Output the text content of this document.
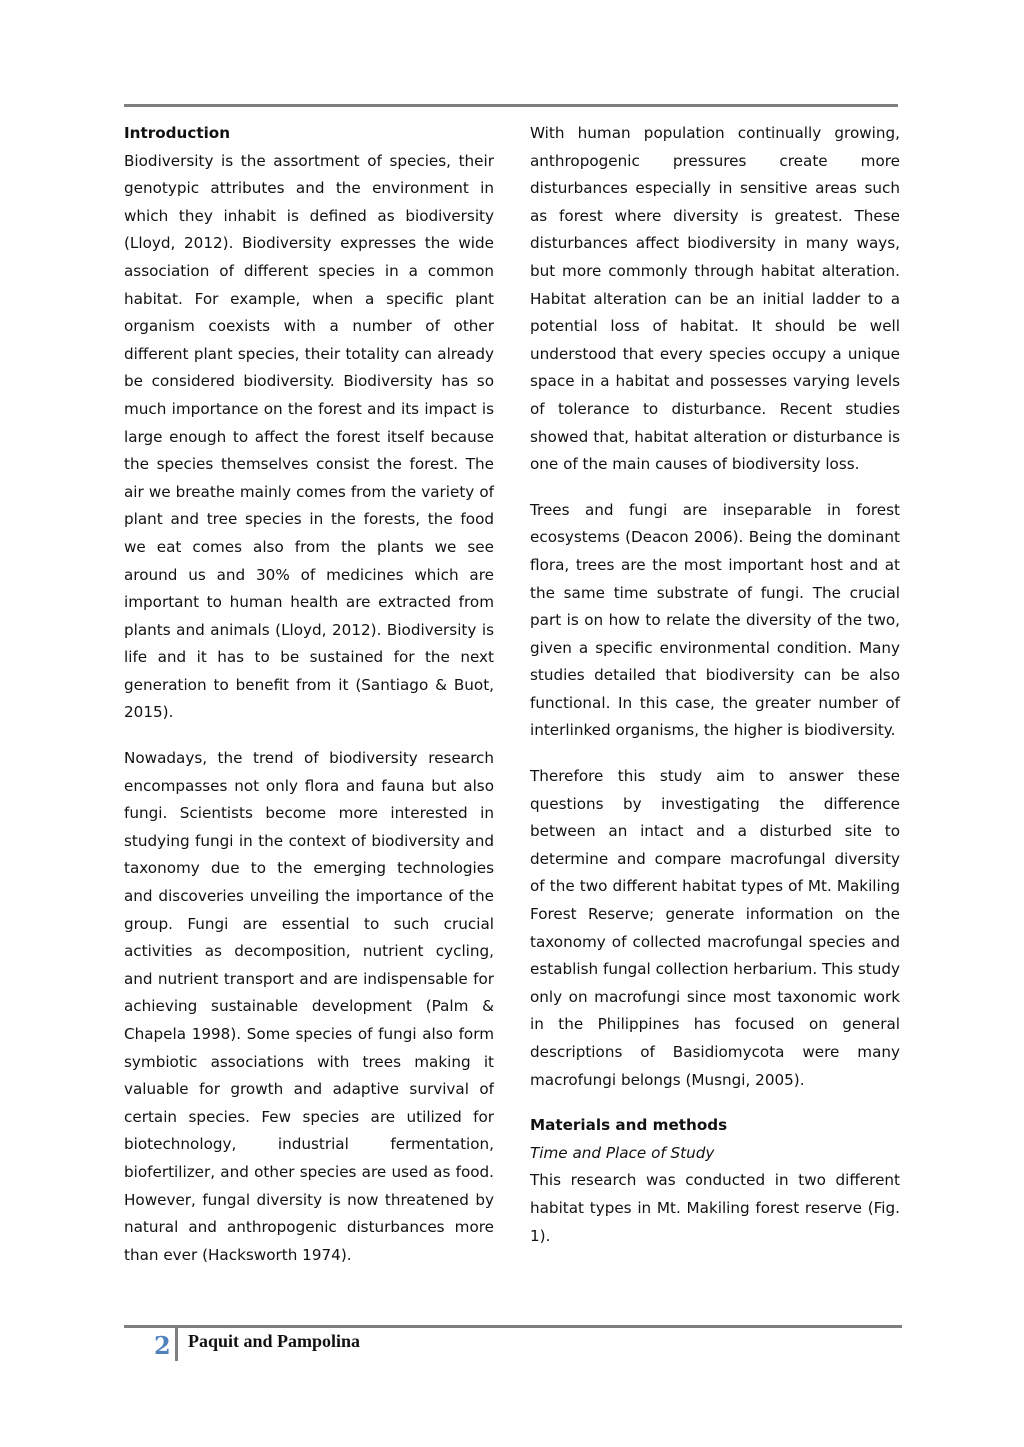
Introduction

Biodiversity is the assortment of species, their genotypic attributes and the environment in which they inhabit is defined as biodiversity (Lloyd, 2012). Biodiversity expresses the wide association of different species in a common habitat. For example, when a specific plant organism coexists with a number of other different plant species, their totality can already be considered biodiversity. Biodiversity has so much importance on the forest and its impact is large enough to affect the forest itself because the species themselves consist the forest. The air we breathe mainly comes from the variety of plant and tree species in the forests, the food we eat comes also from the plants we see around us and 30% of medicines which are important to human health are extracted from plants and animals (Lloyd, 2012). Biodiversity is life and it has to be sustained for the next generation to benefit from it (Santiago & Buot, 2015).

Nowadays, the trend of biodiversity research encompasses not only flora and fauna but also fungi. Scientists become more interested in studying fungi in the context of biodiversity and taxonomy due to the emerging technologies and discoveries unveiling the importance of the group. Fungi are essential to such crucial activities as decomposition, nutrient cycling, and nutrient transport and are indispensable for achieving sustainable development (Palm & Chapela 1998). Some species of fungi also form symbiotic associations with trees making it valuable for growth and adaptive survival of certain species. Few species are utilized for biotechnology, industrial fermentation, biofertilizer, and other species are used as food. However, fungal diversity is now threatened by natural and anthropogenic disturbances more than ever (Hacksworth 1974).

With human population continually growing, anthropogenic pressures create more disturbances especially in sensitive areas such as forest where diversity is greatest. These disturbances affect biodiversity in many ways, but more commonly through habitat alteration. Habitat alteration can be an initial ladder to a potential loss of habitat. It should be well understood that every species occupy a unique space in a habitat and possesses varying levels of tolerance to disturbance. Recent studies showed that, habitat alteration or disturbance is one of the main causes of biodiversity loss.

Trees and fungi are inseparable in forest ecosystems (Deacon 2006). Being the dominant flora, trees are the most important host and at the same time substrate of fungi. The crucial part is on how to relate the diversity of the two, given a specific environmental condition. Many studies detailed that biodiversity can be also functional. In this case, the greater number of interlinked organisms, the higher is biodiversity.

Therefore this study aim to answer these questions by investigating the difference between an intact and a disturbed site to determine and compare macrofungal diversity of the two different habitat types of Mt. Makiling Forest Reserve; generate information on the taxonomy of collected macrofungal species and establish fungal collection herbarium. This study only on macrofungi since most taxonomic work in the Philippines has focused on general descriptions of Basidiomycota were many macrofungi belongs (Musngi, 2005).

Materials and methods
Time and Place of Study

This research was conducted in two different habitat types in Mt. Makiling forest reserve (Fig. 1).

2 Paquit and Pampolina
